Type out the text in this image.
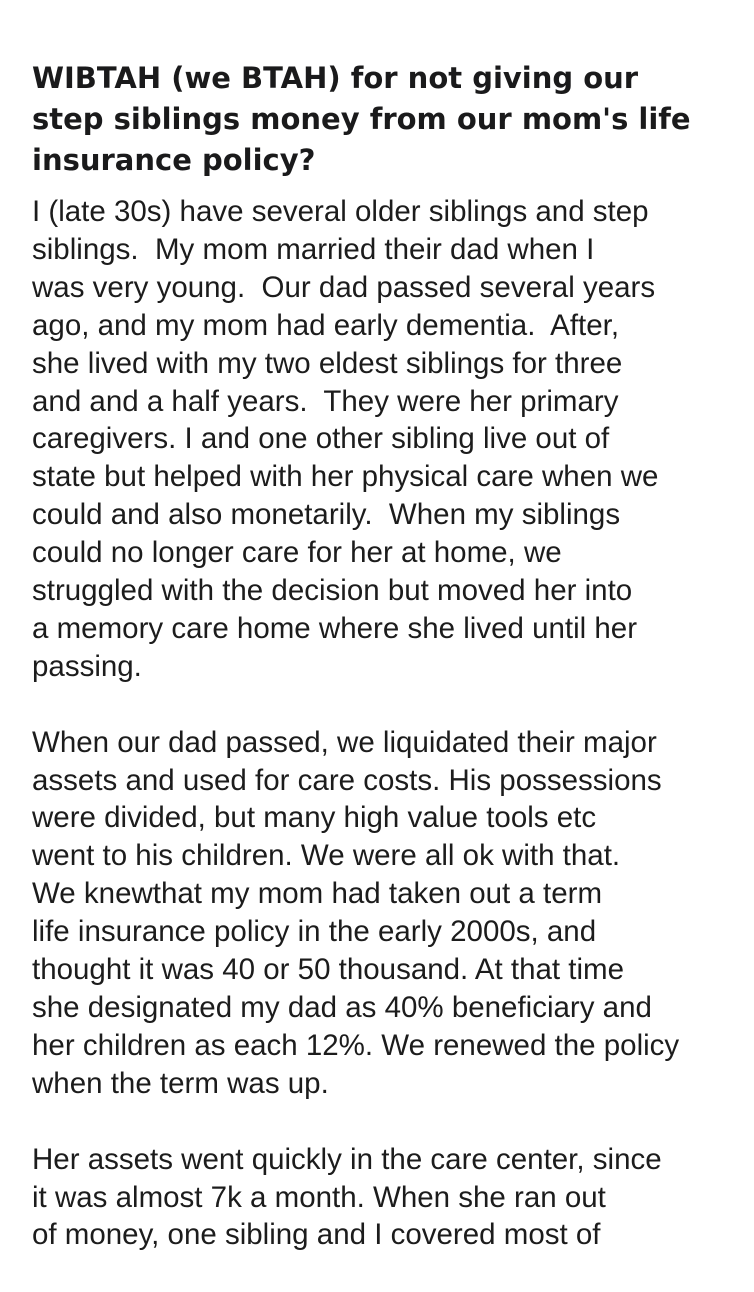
WIBTAH (we BTAH) for not giving our
step siblings money from our mom's life
insurance policy?

I (late 30s) have several older siblings and step
siblings.  My mom married their dad when I
was very young.  Our dad passed several years
ago, and my mom had early dementia.  After,
she lived with my two eldest siblings for three
and and a half years.  They were her primary
caregivers. I and one other sibling live out of
state but helped with her physical care when we
could and also monetarily.  When my siblings
could no longer care for her at home, we
struggled with the decision but moved her into
a memory care home where she lived until her
passing.

When our dad passed, we liquidated their major
assets and used for care costs. His possessions
were divided, but many high value tools etc
went to his children. We were all ok with that.
We knewthat my mom had taken out a term
life insurance policy in the early 2000s, and
thought it was 40 or 50 thousand. At that time
she designated my dad as 40% beneficiary and
her children as each 12%. We renewed the policy
when the term was up.

Her assets went quickly in the care center, since
it was almost 7k a month. When she ran out
of money, one sibling and I covered most of
